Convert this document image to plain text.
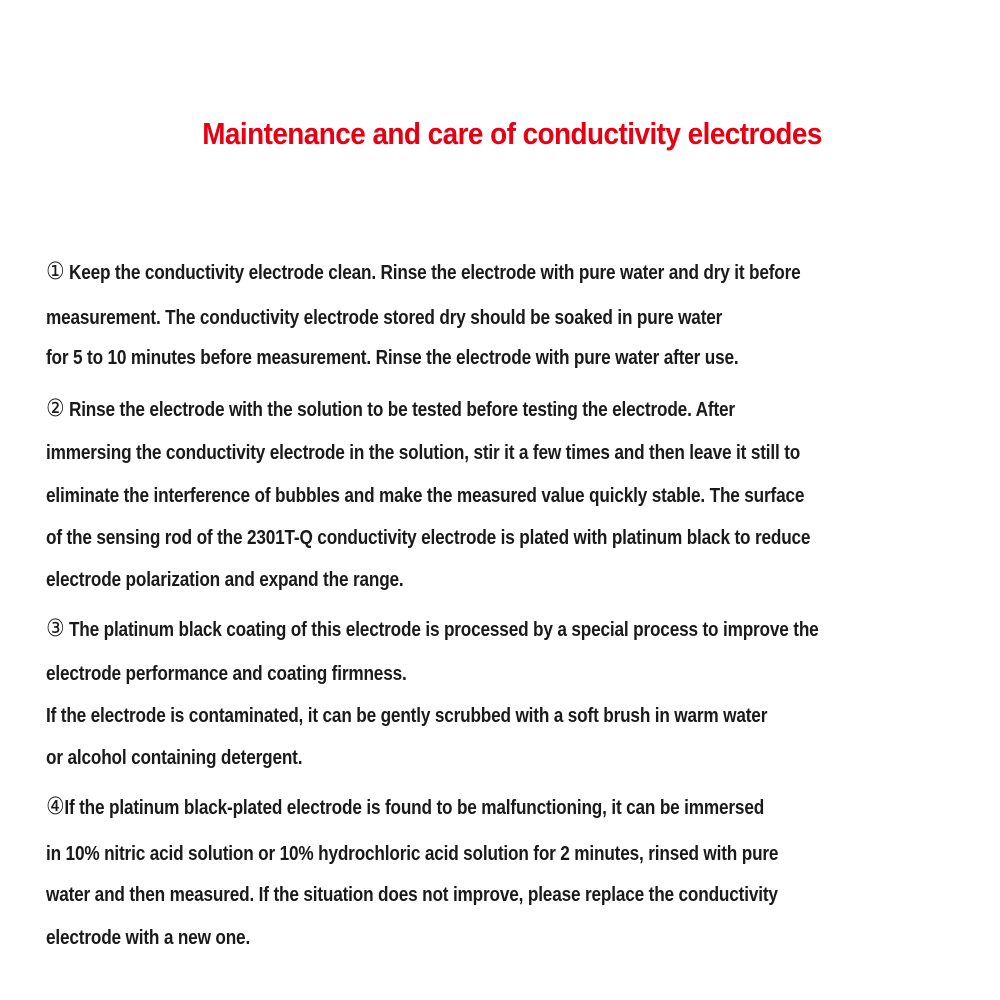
Maintenance and care of conductivity electrodes
① Keep the conductivity electrode clean. Rinse the electrode with pure water and dry it before
measurement. The conductivity electrode stored dry should be soaked in pure water
for 5 to 10 minutes before measurement. Rinse the electrode with pure water after use.
② Rinse the electrode with the solution to be tested before testing the electrode. After
immersing the conductivity electrode in the solution, stir it a few times and then leave it still to
eliminate the interference of bubbles and make the measured value quickly stable. The surface
of the sensing rod of the 2301T-Q conductivity electrode is plated with platinum black to reduce
electrode polarization and expand the range.
③ The platinum black coating of this electrode is processed by a special process to improve the
electrode performance and coating firmness.
If the electrode is contaminated, it can be gently scrubbed with a soft brush in warm water
or alcohol containing detergent.
④If the platinum black-plated electrode is found to be malfunctioning, it can be immersed
in 10% nitric acid solution or 10% hydrochloric acid solution for 2 minutes, rinsed with pure
water and then measured. If the situation does not improve, please replace the conductivity
electrode with a new one.
